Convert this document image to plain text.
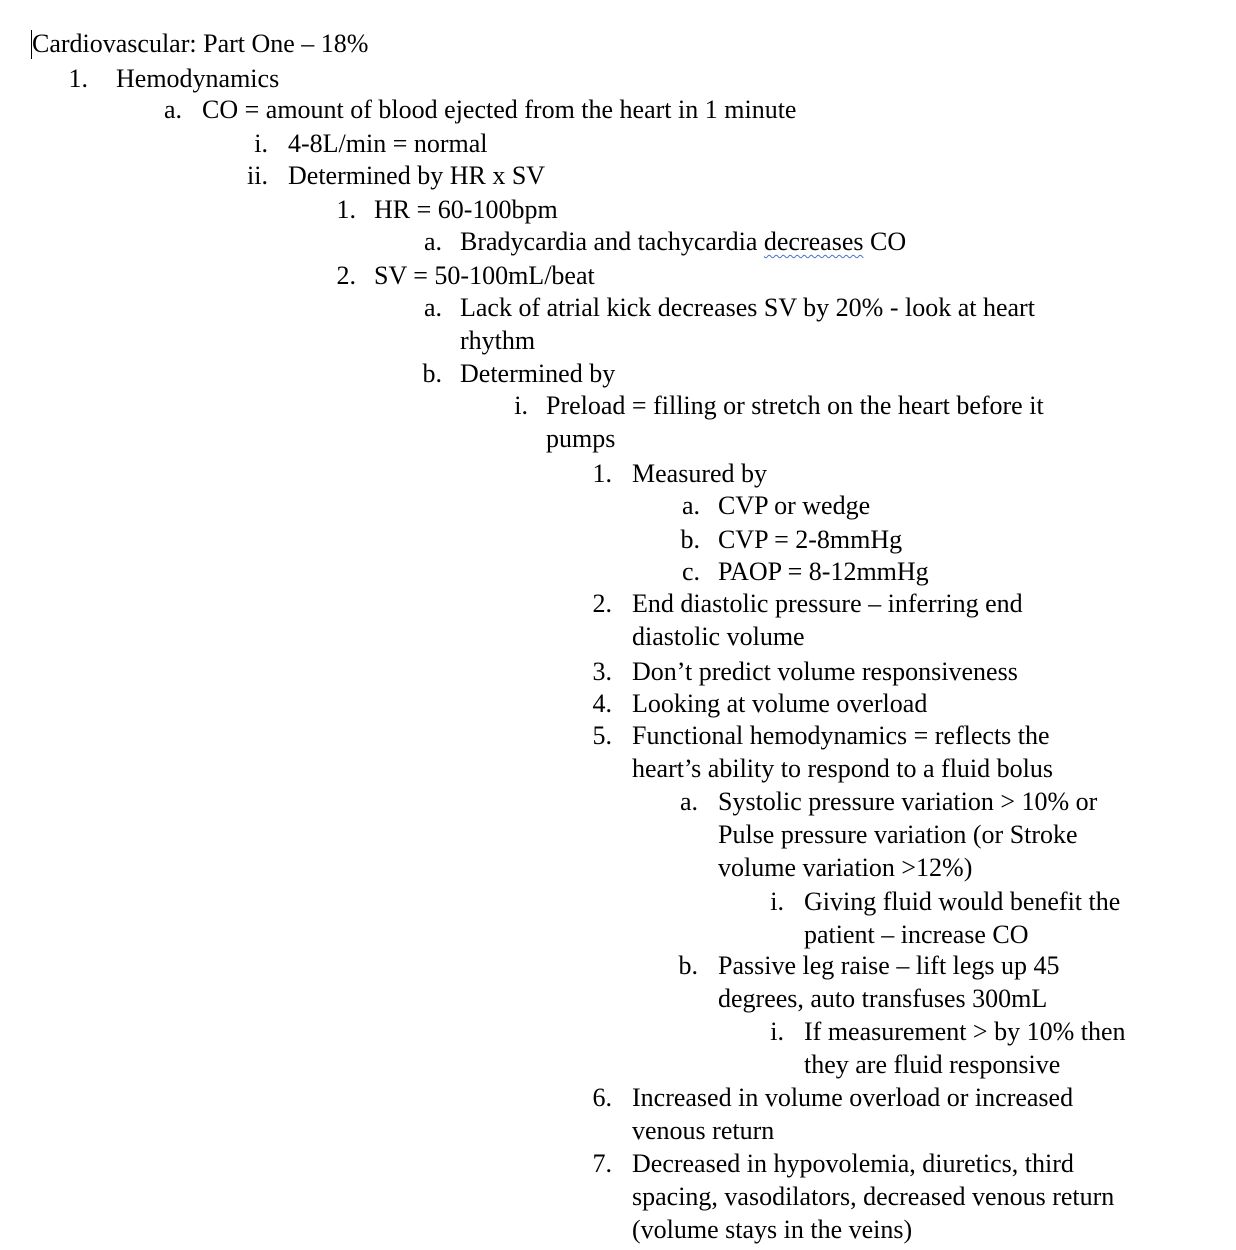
Cardiovascular: Part One – 18%
1. Hemodynamics
a. CO = amount of blood ejected from the heart in 1 minute
i. 4-8L/min = normal
ii. Determined by HR x SV
1. HR = 60-100bpm
a. Bradycardia and tachycardia decreases CO
2. SV = 50-100mL/beat
a. Lack of atrial kick decreases SV by 20% - look at heart rhythm
b. Determined by
i. Preload = filling or stretch on the heart before it pumps
1. Measured by
a. CVP or wedge
b. CVP = 2-8mmHg
c. PAOP = 8-12mmHg
2. End diastolic pressure – inferring end diastolic volume
3. Don’t predict volume responsiveness
4. Looking at volume overload
5. Functional hemodynamics = reflects the heart’s ability to respond to a fluid bolus
a. Systolic pressure variation > 10% or Pulse pressure variation (or Stroke volume variation >12%)
i. Giving fluid would benefit the patient – increase CO
b. Passive leg raise – lift legs up 45 degrees, auto transfuses 300mL
i. If measurement > by 10% then they are fluid responsive
6. Increased in volume overload or increased venous return
7. Decreased in hypovolemia, diuretics, third spacing, vasodilators, decreased venous return (volume stays in the veins)
